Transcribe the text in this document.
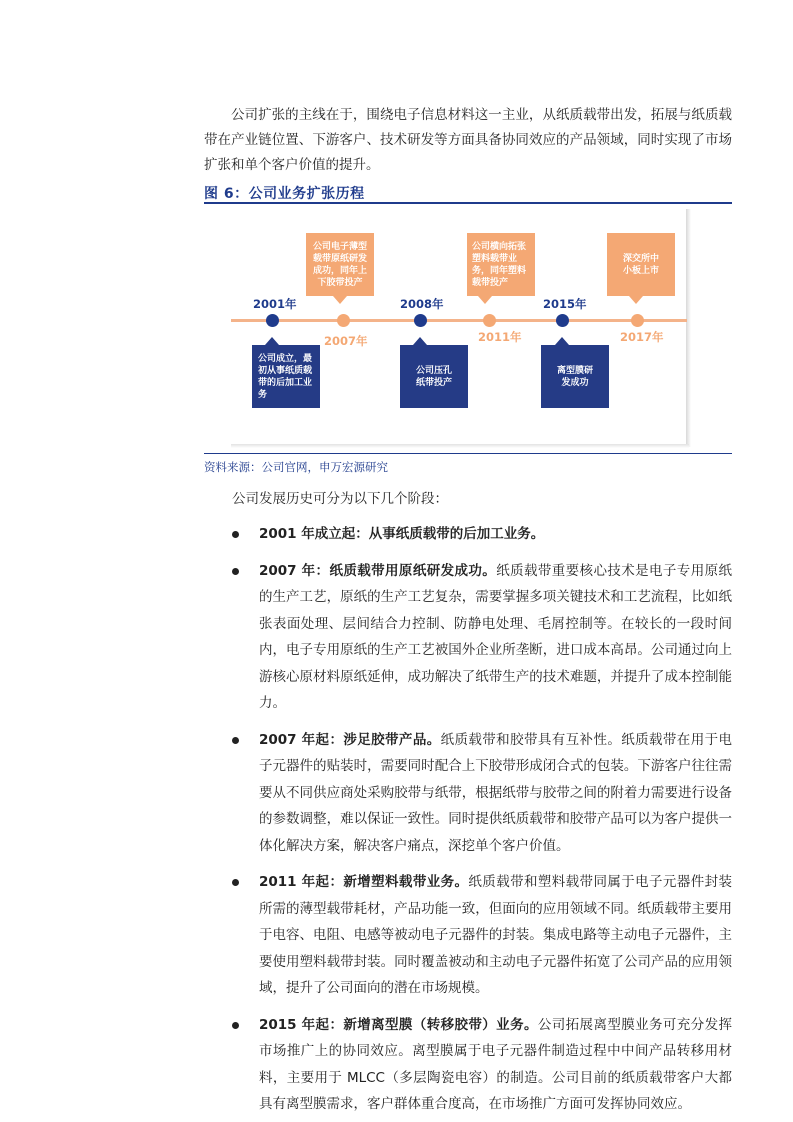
公司扩张的主线在于，围绕电子信息材料这一主业，从纸质载带出发，拓展与纸质载带在产业链位置、下游客户、技术研发等方面具备协同效应的产品领域，同时实现了市场扩张和单个客户价值的提升。

图 6：公司业务扩张历程
2001年
公司成立，最初从事纸质载带的后加工业务
公司电子薄型载带原纸研发成功，同年上下胶带投产
2007年
2008年
公司压孔纸带投产
公司横向拓张塑料载带业务，同年塑料载带投产
2011年
2015年
离型膜研发成功
深交所中小板上市
2017年
资料来源：公司官网，申万宏源研究
公司发展历史可分为以下几个阶段：
2001 年成立起：从事纸质载带的后加工业务。
2007 年：纸质载带用原纸研发成功。纸质载带重要核心技术是电子专用原纸的生产工艺，原纸的生产工艺复杂，需要掌握多项关键技术和工艺流程，比如纸张表面处理、层间结合力控制、防静电处理、毛屑控制等。在较长的一段时间内，电子专用原纸的生产工艺被国外企业所垄断，进口成本高昂。公司通过向上游核心原材料原纸延伸，成功解决了纸带生产的技术难题，并提升了成本控制能力。
2007 年起：涉足胶带产品。纸质载带和胶带具有互补性。纸质载带在用于电子元器件的贴装时，需要同时配合上下胶带形成闭合式的包装。下游客户往往需要从不同供应商处采购胶带与纸带，根据纸带与胶带之间的附着力需要进行设备的参数调整，难以保证一致性。同时提供纸质载带和胶带产品可以为客户提供一体化解决方案，解决客户痛点，深挖单个客户价值。
2011 年起：新增塑料载带业务。纸质载带和塑料载带同属于电子元器件封装所需的薄型载带耗材，产品功能一致，但面向的应用领域不同。纸质载带主要用于电容、电阻、电感等被动电子元器件的封装。集成电路等主动电子元器件，主要使用塑料载带封装。同时覆盖被动和主动电子元器件拓宽了公司产品的应用领域，提升了公司面向的潜在市场规模。
2015 年起：新增离型膜（转移胶带）业务。公司拓展离型膜业务可充分发挥市场推广上的协同效应。离型膜属于电子元器件制造过程中中间产品转移用材料，主要用于 MLCC（多层陶瓷电容）的制造。公司目前的纸质载带客户大都具有离型膜需求，客户群体重合度高，在市场推广方面可发挥协同效应。
